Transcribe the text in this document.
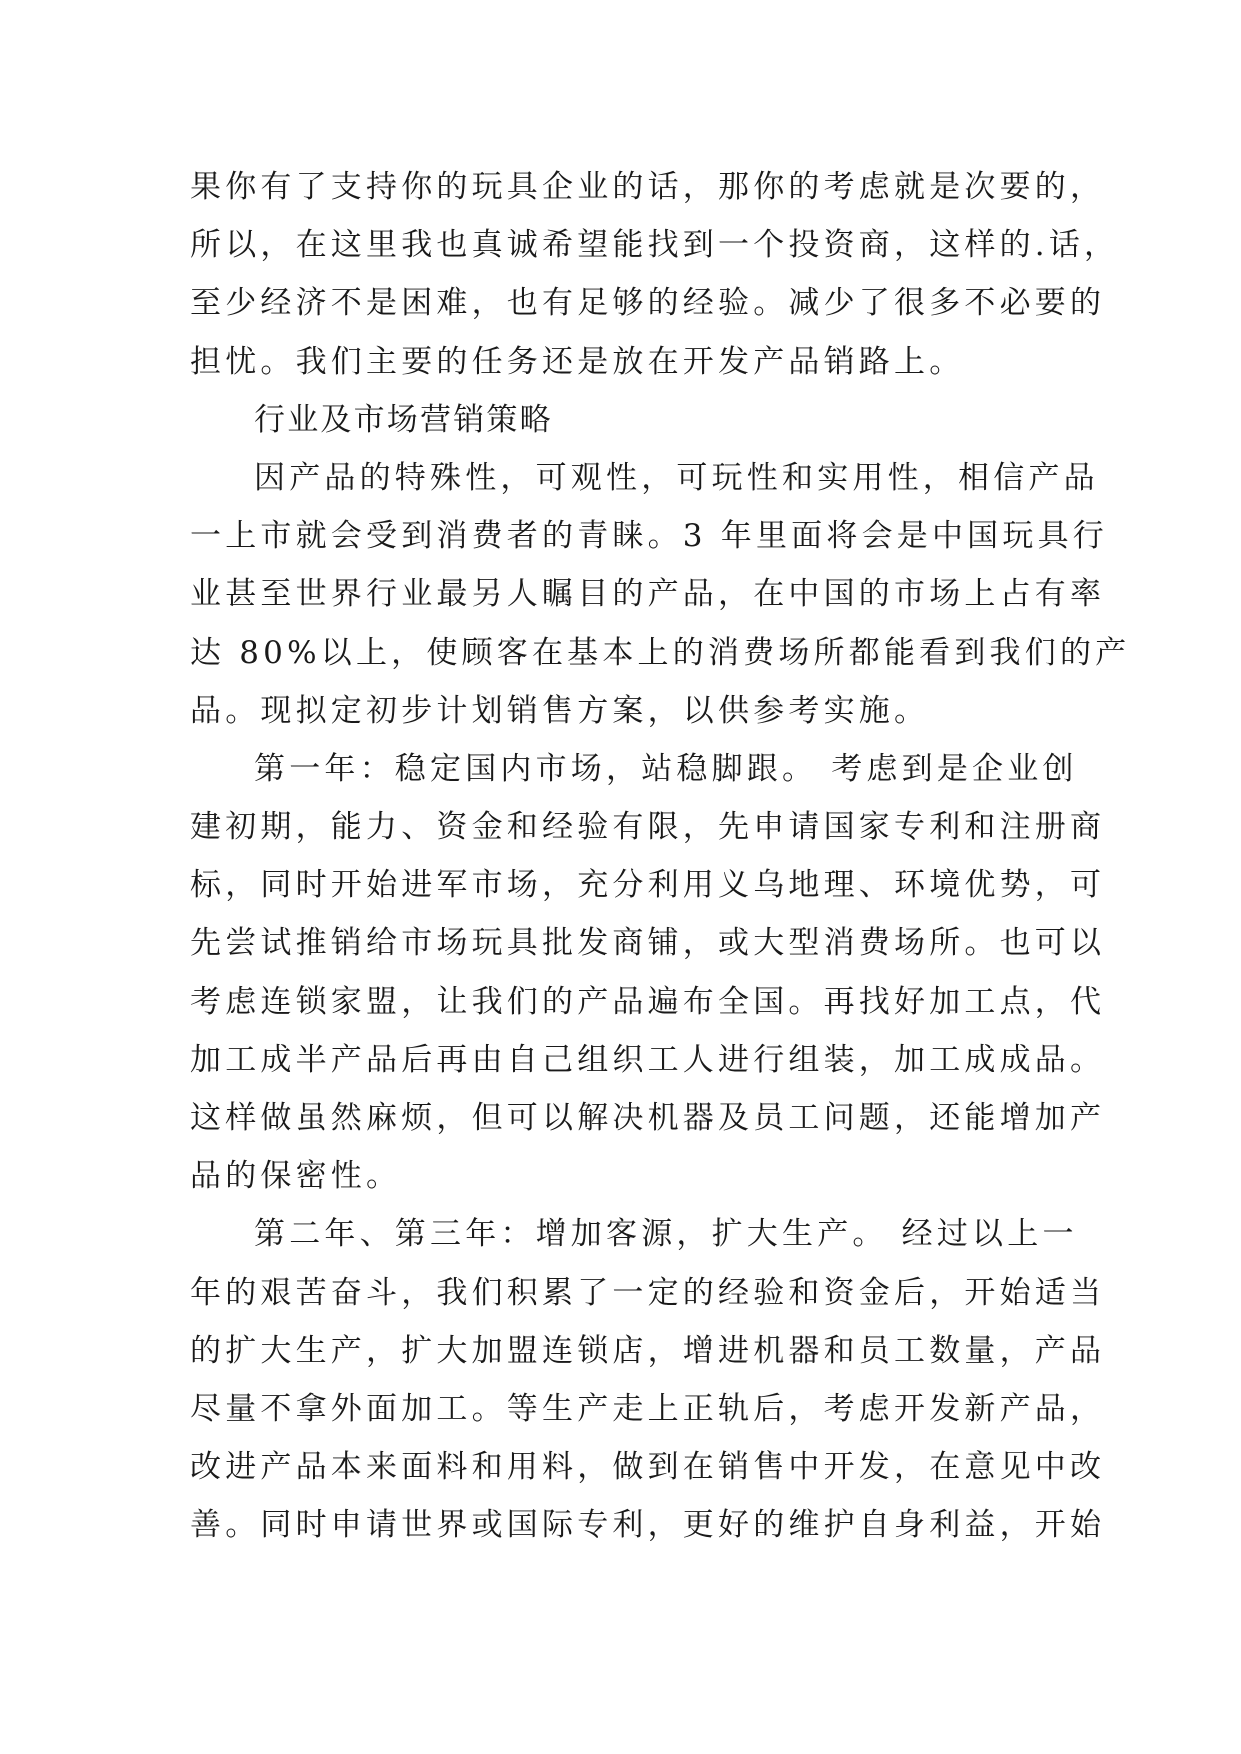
果你有了支持你的玩具企业的话，那你的考虑就是次要的，
所以，在这里我也真诚希望能找到一个投资商，这样的.话，
至少经济不是困难，也有足够的经验。减少了很多不必要的
担忧。我们主要的任务还是放在开发产品销路上。
行业及市场营销策略
因产品的特殊性，可观性，可玩性和实用性，相信产品
一上市就会受到消费者的青睐。3 年里面将会是中国玩具行
业甚至世界行业最另人瞩目的产品，在中国的市场上占有率
达 80%以上，使顾客在基本上的消费场所都能看到我们的产
品。现拟定初步计划销售方案，以供参考实施。
第一年：稳定国内市场，站稳脚跟。 考虑到是企业创
建初期，能力、资金和经验有限，先申请国家专利和注册商
标，同时开始进军市场，充分利用义乌地理、环境优势，可
先尝试推销给市场玩具批发商铺，或大型消费场所。也可以
考虑连锁家盟，让我们的产品遍布全国。再找好加工点，代
加工成半产品后再由自己组织工人进行组装，加工成成品。
这样做虽然麻烦，但可以解决机器及员工问题，还能增加产
品的保密性。
第二年、第三年：增加客源，扩大生产。 经过以上一
年的艰苦奋斗，我们积累了一定的经验和资金后，开始适当
的扩大生产，扩大加盟连锁店，增进机器和员工数量，产品
尽量不拿外面加工。等生产走上正轨后，考虑开发新产品，
改进产品本来面料和用料，做到在销售中开发，在意见中改
善。同时申请世界或国际专利，更好的维护自身利益，开始
